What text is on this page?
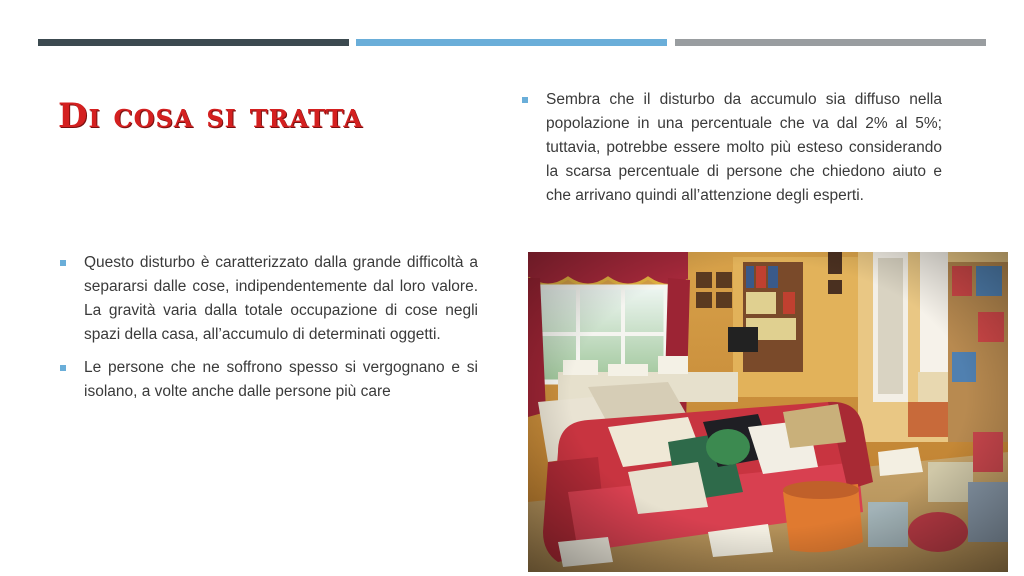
Di cosa si tratta	Sembra che il disturbo da accumulo sia diffuso nella popolazione in una percentuale che va dal 2% al 5%; tuttavia, potrebbe essere molto più esteso considerando la scarsa percentuale di persone che chiedono aiuto e che arrivano quindi all’attenzione degli esperti.
Questo disturbo è caratterizzato dalla grande difficoltà a separarsi dalle cose, indipendentemente dal loro valore. La gravità varia dalla totale occupazione di cose negli spazi della casa, all’accumulo di determinati oggetti.
Le persone che ne soffrono spesso si vergognano e si isolano, a volte anche dalle persone più care
